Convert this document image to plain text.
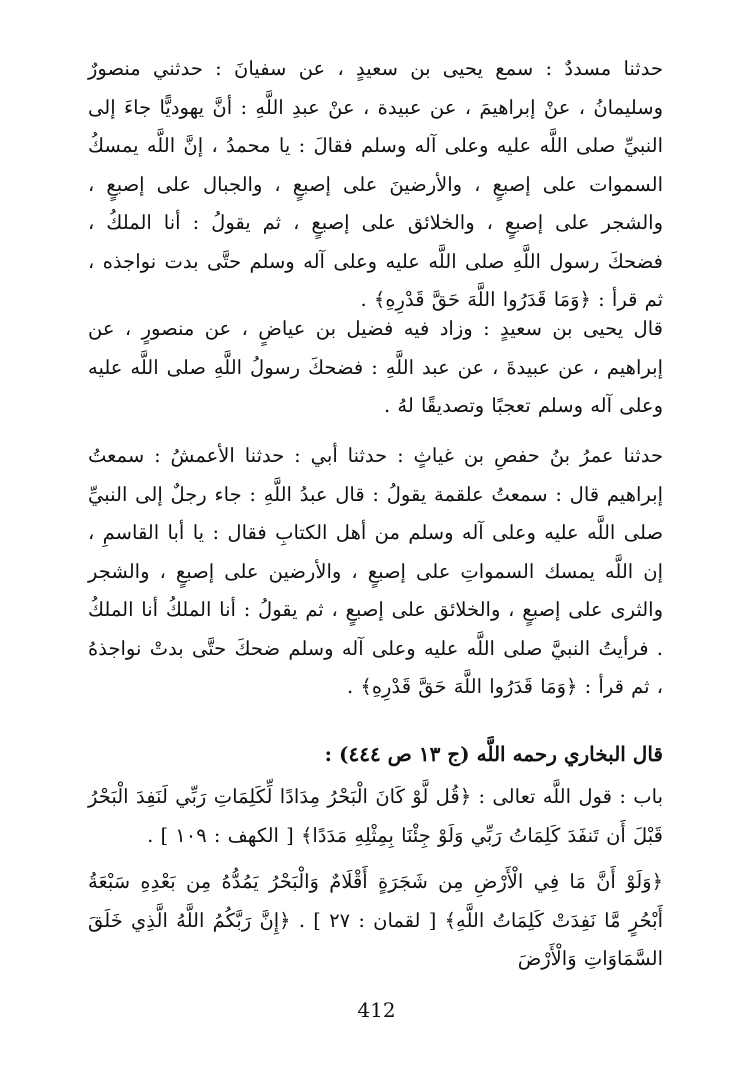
حدثنا مسددٌ : سمع يحيى بن سعيدٍ ، عن سفيانَ : حدثني منصورٌ وسليمانُ ، عنْ إبراهيمَ ، عن عبيدة ، عنْ عبدِ اللَّهِ : أنَّ يهوديًّا جاءَ إلى النبيِّ صلى اللَّه عليه وعلى آله وسلم فقالَ : يا محمدُ ، إنَّ اللَّه يمسكُ السموات على إصبعٍ ، والأرضينَ على إصبعٍ ، والجبال على إصبعٍ ، والشجر على إصبعٍ ، والخلائق على إصبعٍ ، ثم يقولُ : أنا الملكُ ، فضحكَ رسول اللَّهِ صلى اللَّه عليه وعلى آله وسلم حتَّى بدت نواجذه ، ثم قرأ : ﴿وَمَا قَدَرُوا اللَّهَ حَقَّ قَدْرِهِ﴾ .

قال يحيى بن سعيدٍ : وزاد فيه فضيل بن عياضٍ ، عن منصورٍ ، عن إبراهيم ، عن عبيدةَ ، عن عبد اللَّهِ : فضحكَ رسولُ اللَّهِ صلى اللَّه عليه وعلى آله وسلم تعجبًا وتصديقًا لهُ .

حدثنا عمرُ بنُ حفصِ بن غياثٍ : حدثنا أبي : حدثنا الأعمشُ : سمعتُ إبراهيم قال : سمعتُ علقمة يقولُ : قال عبدُ اللَّهِ : جاء رجلٌ إلى النبيِّ صلى اللَّه عليه وعلى آله وسلم من أهل الكتابِ فقال : يا أبا القاسمِ ، إن اللَّه يمسك السمواتِ على إصبعٍ ، والأرضين على إصبعٍ ، والشجر والثرى على إصبعٍ ، والخلائق على إصبعٍ ، ثم يقولُ : أنا الملكُ أنا الملكُ . فرأيتُ النبيَّ صلى اللَّه عليه وعلى آله وسلم ضحكَ حتَّى بدتْ نواجذهُ ، ثم قرأ : ﴿وَمَا قَدَرُوا اللَّهَ حَقَّ قَدْرِهِ﴾ .

قال البخاري رحمه اللَّه (ج ١٣ ص ٤٤٤) :

باب : قول اللَّه تعالى : ﴿قُل لَّوْ كَانَ الْبَحْرُ مِدَادًا لِّكَلِمَاتِ رَبِّي لَنَفِدَ الْبَحْرُ قَبْلَ أَن تَنفَدَ كَلِمَاتُ رَبِّي وَلَوْ جِئْنَا بِمِثْلِهِ مَدَدًا﴾ [ الكهف : ١٠٩ ] .

﴿وَلَوْ أَنَّ مَا فِي الْأَرْضِ مِن شَجَرَةٍ أَقْلَامٌ وَالْبَحْرُ يَمُدُّهُ مِن بَعْدِهِ سَبْعَةُ أَبْحُرٍ مَّا نَفِدَتْ كَلِمَاتُ اللَّهِ﴾ [ لقمان : ٢٧ ] . ﴿إِنَّ رَبَّكُمُ اللَّهُ الَّذِي خَلَقَ السَّمَاوَاتِ وَالْأَرْضَ

412
